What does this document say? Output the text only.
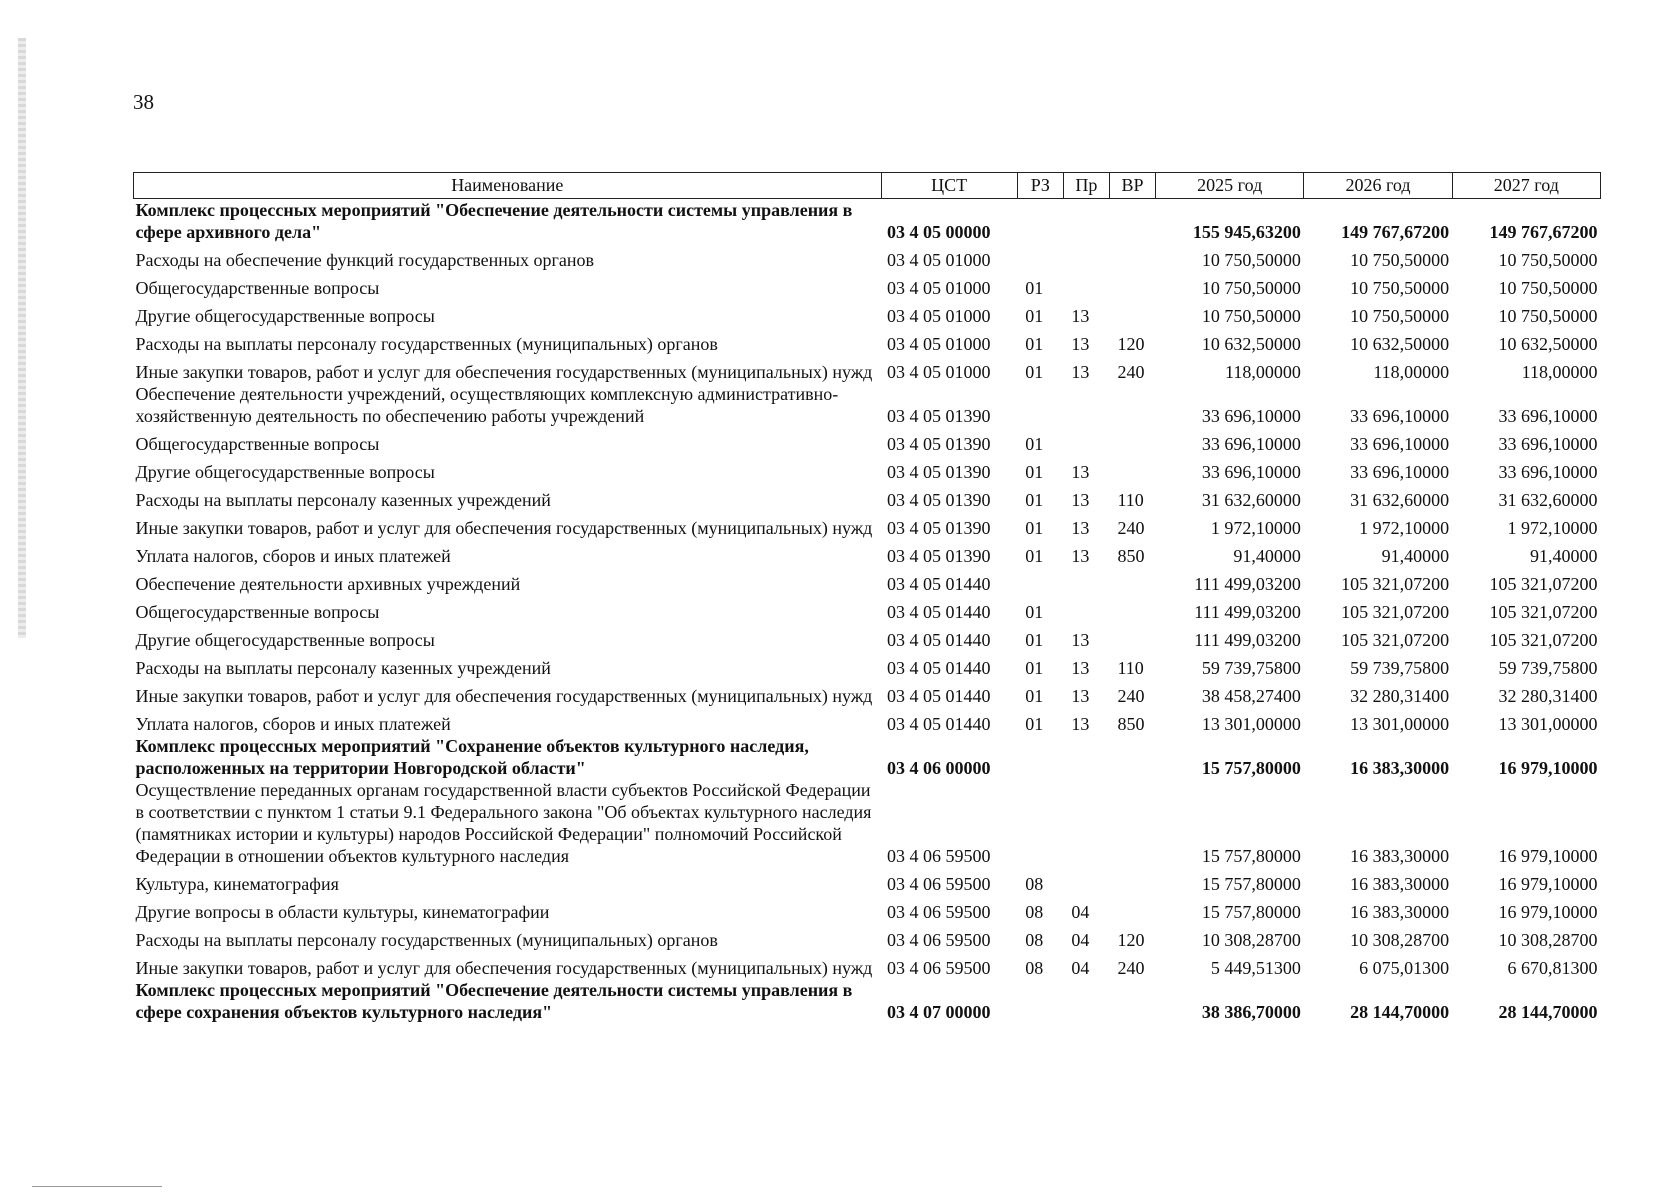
38
Наименование	ЦСТ	РЗ	Пр	ВР	2025 год	2026 год	2027 год
Комплекс процессных мероприятий "Обеспечение деятельности системы управления в сфере архивного дела"	03 4 05 00000				155 945,63200	149 767,67200	149 767,67200
Расходы на обеспечение функций государственных органов	03 4 05 01000				10 750,50000	10 750,50000	10 750,50000
Общегосударственные вопросы	03 4 05 01000	01			10 750,50000	10 750,50000	10 750,50000
Другие общегосударственные вопросы	03 4 05 01000	01	13		10 750,50000	10 750,50000	10 750,50000
Расходы на выплаты персоналу государственных (муниципальных) органов	03 4 05 01000	01	13	120	10 632,50000	10 632,50000	10 632,50000
Иные закупки товаров, работ и услуг для обеспечения государственных (муниципальных) нужд	03 4 05 01000	01	13	240	118,00000	118,00000	118,00000
Обеспечение деятельности учреждений, осуществляющих комплексную административно-хозяйственную деятельность по обеспечению работы учреждений	03 4 05 01390				33 696,10000	33 696,10000	33 696,10000
Общегосударственные вопросы	03 4 05 01390	01			33 696,10000	33 696,10000	33 696,10000
Другие общегосударственные вопросы	03 4 05 01390	01	13		33 696,10000	33 696,10000	33 696,10000
Расходы на выплаты персоналу казенных учреждений	03 4 05 01390	01	13	110	31 632,60000	31 632,60000	31 632,60000
Иные закупки товаров, работ и услуг для обеспечения государственных (муниципальных) нужд	03 4 05 01390	01	13	240	1 972,10000	1 972,10000	1 972,10000
Уплата налогов, сборов и иных платежей	03 4 05 01390	01	13	850	91,40000	91,40000	91,40000
Обеспечение деятельности архивных учреждений	03 4 05 01440				111 499,03200	105 321,07200	105 321,07200
Общегосударственные вопросы	03 4 05 01440	01			111 499,03200	105 321,07200	105 321,07200
Другие общегосударственные вопросы	03 4 05 01440	01	13		111 499,03200	105 321,07200	105 321,07200
Расходы на выплаты персоналу казенных учреждений	03 4 05 01440	01	13	110	59 739,75800	59 739,75800	59 739,75800
Иные закупки товаров, работ и услуг для обеспечения государственных (муниципальных) нужд	03 4 05 01440	01	13	240	38 458,27400	32 280,31400	32 280,31400
Уплата налогов, сборов и иных платежей	03 4 05 01440	01	13	850	13 301,00000	13 301,00000	13 301,00000
Комплекс процессных мероприятий "Сохранение объектов культурного наследия, расположенных на территории Новгородской области"	03 4 06 00000				15 757,80000	16 383,30000	16 979,10000
Осуществление переданных органам государственной власти субъектов Российской Федерации в соответствии с пунктом 1 статьи 9.1 Федерального закона "Об объектах культурного наследия (памятниках истории и культуры) народов Российской Федерации" полномочий Российской Федерации в отношении объектов культурного наследия	03 4 06 59500				15 757,80000	16 383,30000	16 979,10000
Культура, кинематография	03 4 06 59500	08			15 757,80000	16 383,30000	16 979,10000
Другие вопросы в области культуры, кинематографии	03 4 06 59500	08	04		15 757,80000	16 383,30000	16 979,10000
Расходы на выплаты персоналу государственных (муниципальных) органов	03 4 06 59500	08	04	120	10 308,28700	10 308,28700	10 308,28700
Иные закупки товаров, работ и услуг для обеспечения государственных (муниципальных) нужд	03 4 06 59500	08	04	240	5 449,51300	6 075,01300	6 670,81300
Комплекс процессных мероприятий "Обеспечение деятельности системы управления в сфере сохранения объектов культурного наследия"	03 4 07 00000				38 386,70000	28 144,70000	28 144,70000
